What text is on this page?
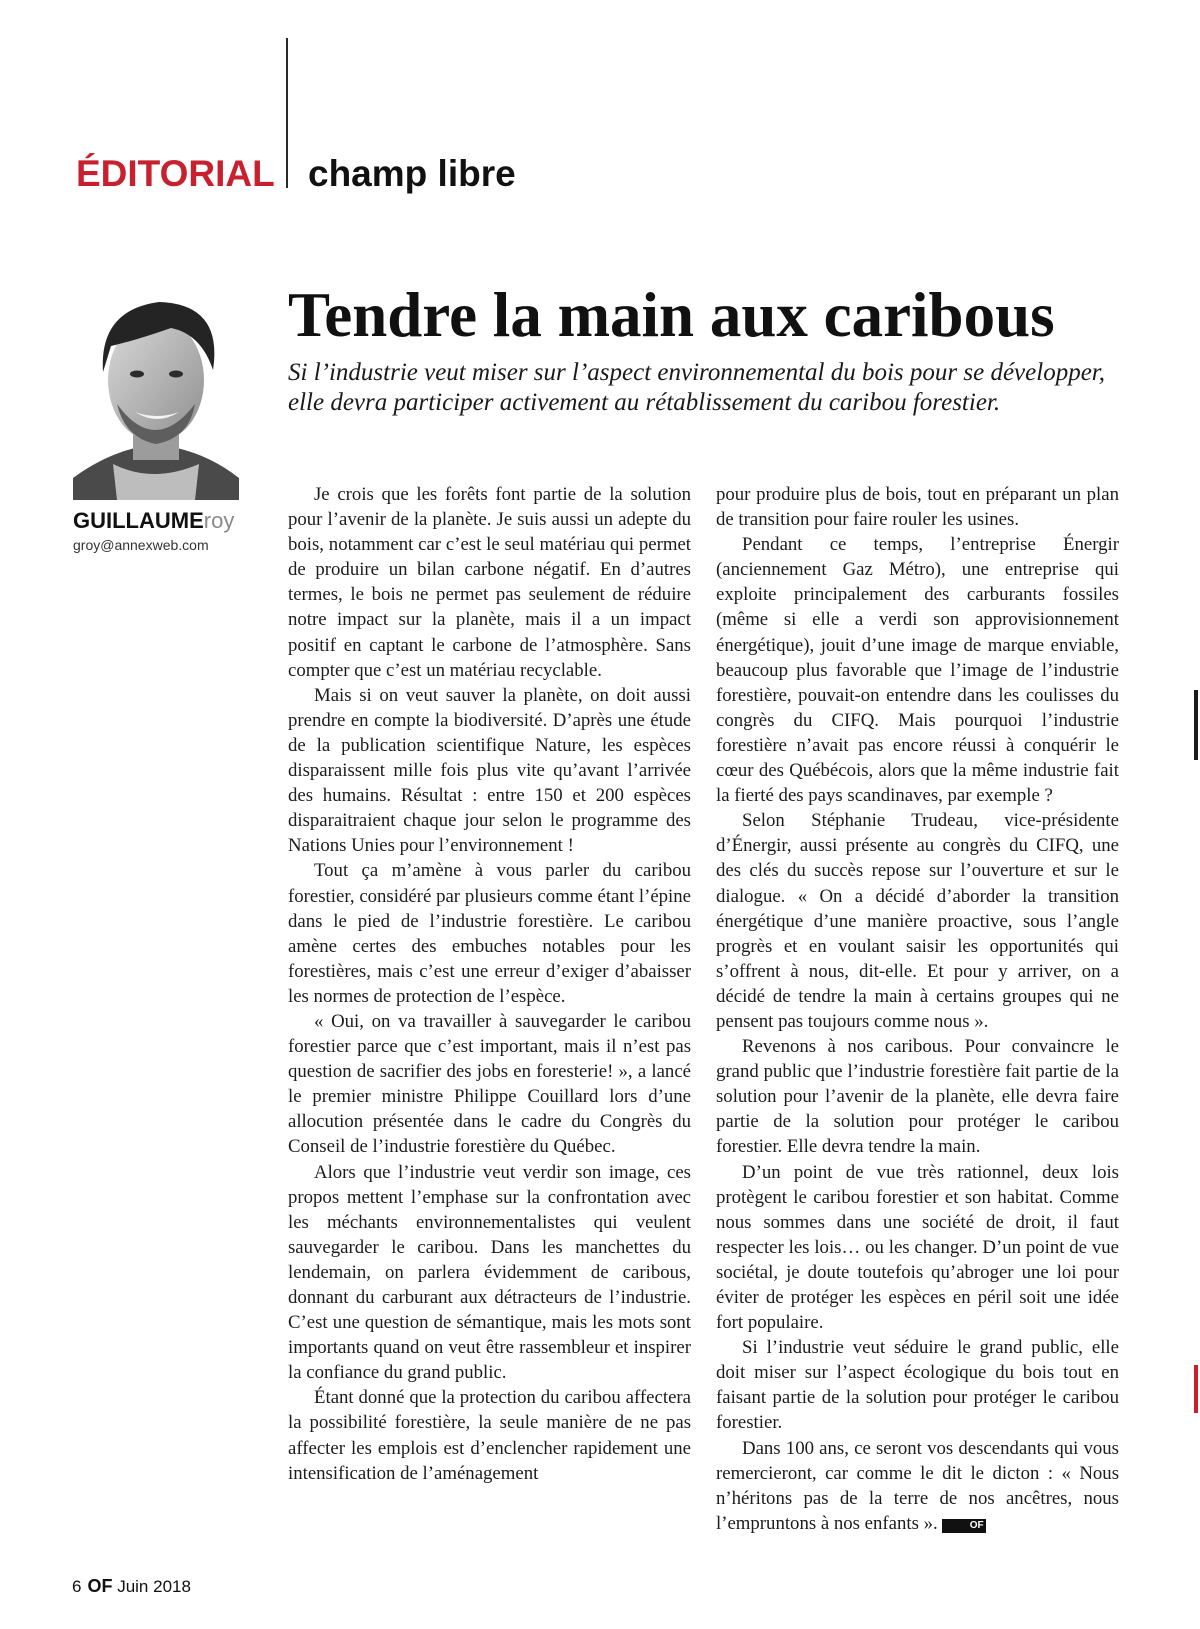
ÉDITORIAL champ libre
GUILLAUMEroy
groy@annexweb.com
Tendre la main aux caribous

Si l’industrie veut miser sur l’aspect environnemental du bois pour se développer, elle devra participer activement au rétablissement du caribou forestier.

Je crois que les forêts font partie de la solution pour l’avenir de la planète. Je suis aussi un adepte du bois, notamment car c’est le seul matériau qui permet de produire un bilan carbone négatif. En d’autres termes, le bois ne permet pas seulement de réduire notre impact sur la planète, mais il a un impact positif en captant le carbone de l’atmosphère. Sans compter que c’est un matériau recyclable.

Mais si on veut sauver la planète, on doit aussi prendre en compte la biodiversité. D’après une étude de la publication scientifique Nature, les espèces disparaissent mille fois plus vite qu’avant l’arrivée des humains. Résultat : entre 150 et 200 espèces disparaitraient chaque jour selon le programme des Nations Unies pour l’environnement !

Tout ça m’amène à vous parler du caribou forestier, considéré par plusieurs comme étant l’épine dans le pied de l’industrie forestière. Le caribou amène certes des embuches notables pour les forestières, mais c’est une erreur d’exiger d’abaisser les normes de protection de l’espèce.

« Oui, on va travailler à sauvegarder le caribou forestier parce que c’est important, mais il n’est pas question de sacrifier des jobs en foresterie! », a lancé le premier ministre Philippe Couillard lors d’une allocution présentée dans le cadre du Congrès du Conseil de l’industrie forestière du Québec.

Alors que l’industrie veut verdir son image, ces propos mettent l’emphase sur la confrontation avec les méchants environnementalistes qui veulent sauvegarder le caribou. Dans les manchettes du lendemain, on parlera évidemment de caribous, donnant du carburant aux détracteurs de l’industrie. C’est une question de sémantique, mais les mots sont importants quand on veut être rassembleur et inspirer la confiance du grand public.

Étant donné que la protection du caribou affectera la possibilité forestière, la seule manière de ne pas affecter les emplois est d’enclencher rapidement une intensification de l’aménagement

pour produire plus de bois, tout en préparant un plan de transition pour faire rouler les usines.

Pendant ce temps, l’entreprise Énergir (anciennement Gaz Métro), une entreprise qui exploite principalement des carburants fossiles (même si elle a verdi son approvisionnement énergétique), jouit d’une image de marque enviable, beaucoup plus favorable que l’image de l’industrie forestière, pouvait-on entendre dans les coulisses du congrès du CIFQ. Mais pourquoi l’industrie forestière n’avait pas encore réussi à conquérir le cœur des Québécois, alors que la même industrie fait la fierté des pays scandinaves, par exemple ?

Selon Stéphanie Trudeau, vice-présidente d’Énergir, aussi présente au congrès du CIFQ, une des clés du succès repose sur l’ouverture et sur le dialogue. « On a décidé d’aborder la transition énergétique d’une manière proactive, sous l’angle progrès et en voulant saisir les opportunités qui s’offrent à nous, dit-elle. Et pour y arriver, on a décidé de tendre la main à certains groupes qui ne pensent pas toujours comme nous ».

Revenons à nos caribous. Pour convaincre le grand public que l’industrie forestière fait partie de la solution pour l’avenir de la planète, elle devra faire partie de la solution pour protéger le caribou forestier. Elle devra tendre la main.

D’un point de vue très rationnel, deux lois protègent le caribou forestier et son habitat. Comme nous sommes dans une société de droit, il faut respecter les lois… ou les changer. D’un point de vue sociétal, je doute toutefois qu’abroger une loi pour éviter de protéger les espèces en péril soit une idée fort populaire.

Si l’industrie veut séduire le grand public, elle doit miser sur l’aspect écologique du bois tout en faisant partie de la solution pour protéger le caribou forestier.

Dans 100 ans, ce seront vos descendants qui vous remercieront, car comme le dit le dicton : « Nous n’héritons pas de la terre de nos ancêtres, nous l’empruntons à nos enfants ».	OF

6 OF Juin 2018
